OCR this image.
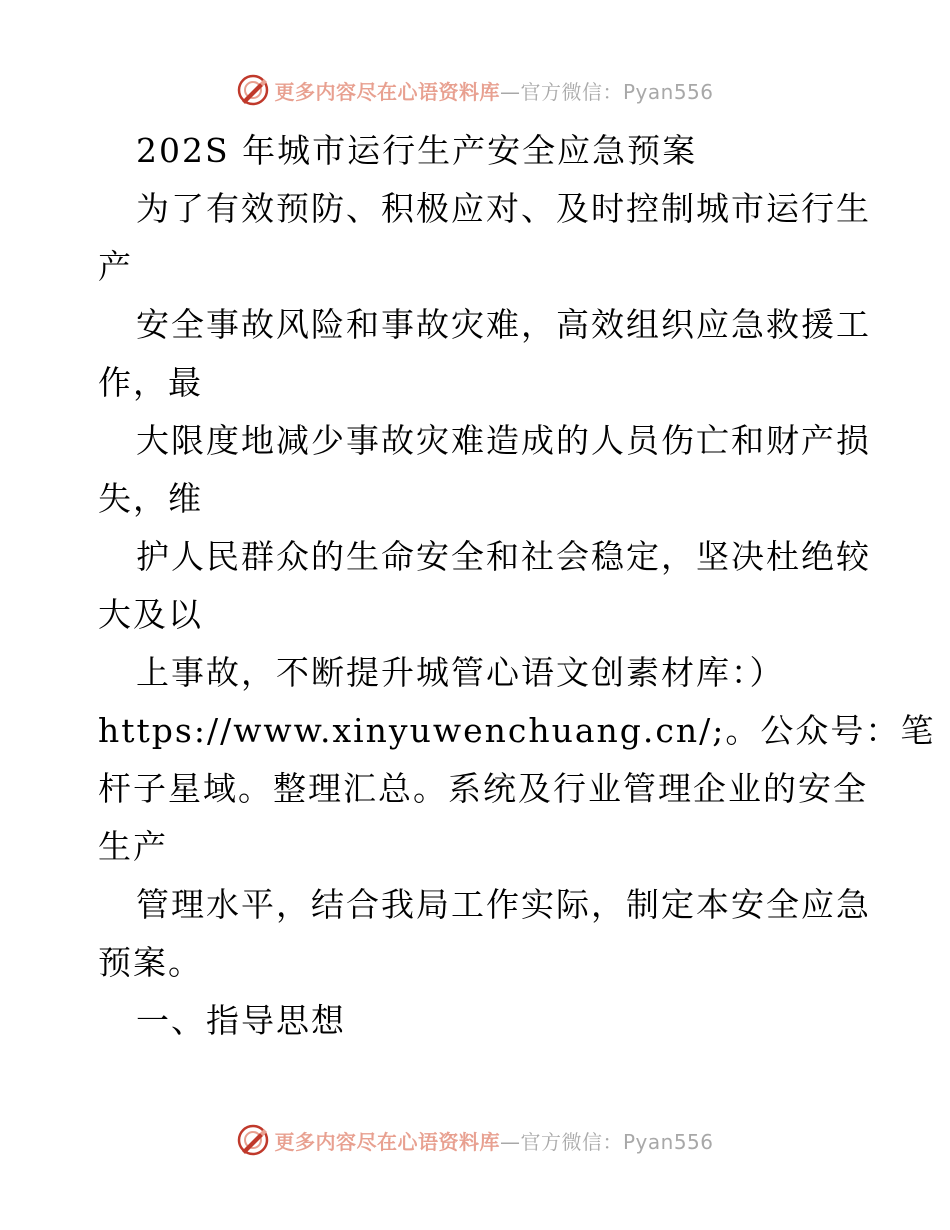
更多内容尽在心语资料库—官方微信：Pyan556
202S 年城市运行生产安全应急预案
为了有效预防、积极应对、及时控制城市运行生
产
安全事故风险和事故灾难，高效组织应急救援工
作，最
大限度地减少事故灾难造成的人员伤亡和财产损
失，维
护人民群众的生命安全和社会稳定，坚决杜绝较
大及以
上事故，不断提升城管心语文创素材库：）
https://www.xinyuwenchuang.cn/;。公众号：笔
杆子星域。整理汇总。系统及行业管理企业的安全
生产
管理水平，结合我局工作实际，制定本安全应急
预案。
一、指导思想
更多内容尽在心语资料库—官方微信：Pyan556
